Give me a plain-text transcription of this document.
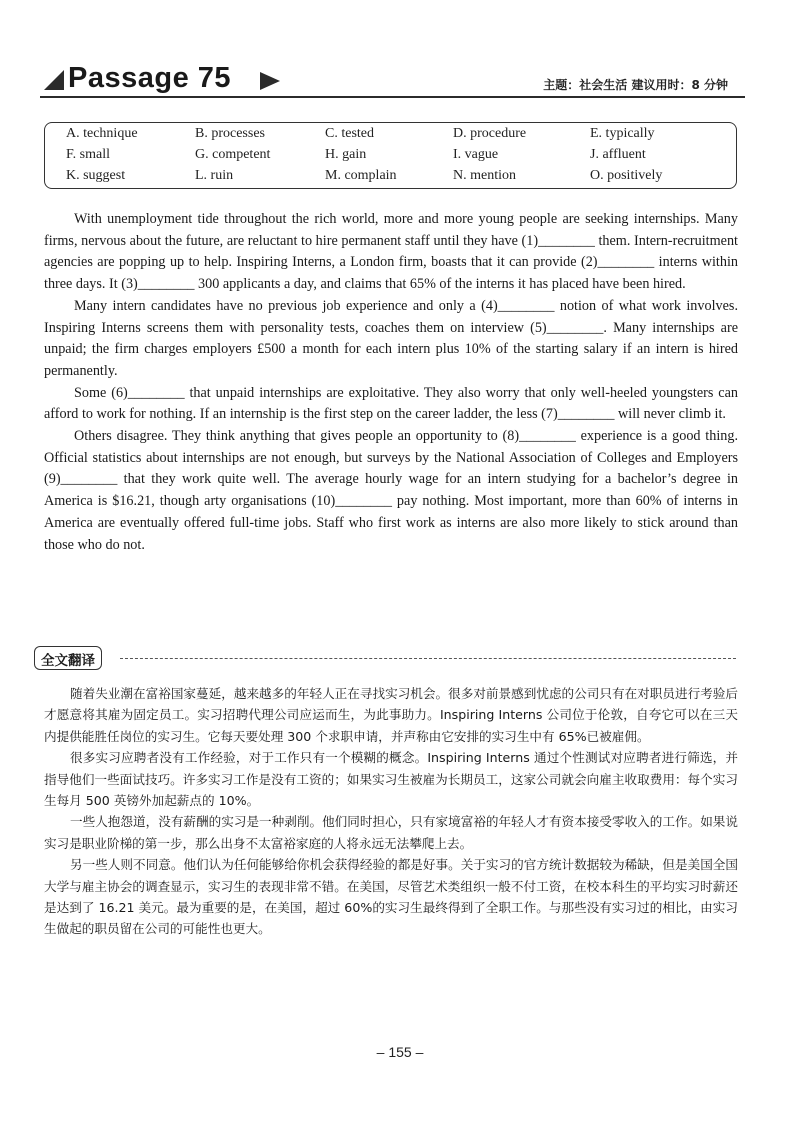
Passage 75	主题：社会生活 建议用时：8 分钟
A. technique	B. processes	C. tested	D. procedure	E. typically
F. small	G. competent	H. gain	I. vague	J. affluent
K. suggest	L. ruin	M. complain	N. mention	O. positively

With unemployment tide throughout the rich world, more and more young people are seeking internships. Many firms, nervous about the future, are reluctant to hire permanent staff until they have (1)________ them. Intern-recruitment agencies are popping up to help. Inspiring Interns, a London firm, boasts that it can provide (2)________ interns within three days. It (3)________ 300 applicants a day, and claims that 65% of the interns it has placed have been hired.

Many intern candidates have no previous job experience and only a (4)________ notion of what work involves. Inspiring Interns screens them with personality tests, coaches them on interview (5)________. Many internships are unpaid; the firm charges employers £500 a month for each intern plus 10% of the starting salary if an intern is hired permanently.

Some (6)________ that unpaid internships are exploitative. They also worry that only well-heeled youngsters can afford to work for nothing. If an internship is the first step on the career ladder, the less (7)________ will never climb it.

Others disagree. They think anything that gives people an opportunity to (8)________ experience is a good thing. Official statistics about internships are not enough, but surveys by the National Association of Colleges and Employers (9)________ that they work quite well. The average hourly wage for an intern studying for a bachelor’s degree in America is $16.21, though arty organisations (10)________ pay nothing. Most important, more than 60% of interns in America are eventually offered full-time jobs. Staff who first work as interns are also more likely to stick around than those who do not.

全文翻译

随着失业潮在富裕国家蔓延，越来越多的年轻人正在寻找实习机会。很多对前景感到忧虑的公司只有在对职员进行考验后才愿意将其雇为固定员工。实习招聘代理公司应运而生，为此事助力。Inspiring Interns 公司位于伦敦，自夸它可以在三天内提供能胜任岗位的实习生。它每天要处理 300 个求职申请，并声称由它安排的实习生中有 65%已被雇佣。

很多实习应聘者没有工作经验，对于工作只有一个模糊的概念。Inspiring Interns 通过个性测试对应聘者进行筛选，并指导他们一些面试技巧。许多实习工作是没有工资的；如果实习生被雇为长期员工，这家公司就会向雇主收取费用：每个实习生每月 500 英镑外加起薪点的 10%。

一些人抱怨道，没有薪酬的实习是一种剥削。他们同时担心，只有家境富裕的年轻人才有资本接受零收入的工作。如果说实习是职业阶梯的第一步，那么出身不太富裕家庭的人将永远无法攀爬上去。

另一些人则不同意。他们认为任何能够给你机会获得经验的都是好事。关于实习的官方统计数据较为稀缺，但是美国全国大学与雇主协会的调查显示，实习生的表现非常不错。在美国，尽管艺术类组织一般不付工资，在校本科生的平均实习时薪还是达到了 16.21 美元。最为重要的是，在美国，超过 60%的实习生最终得到了全职工作。与那些没有实习过的相比，由实习生做起的职员留在公司的可能性也更大。

– 155 –
